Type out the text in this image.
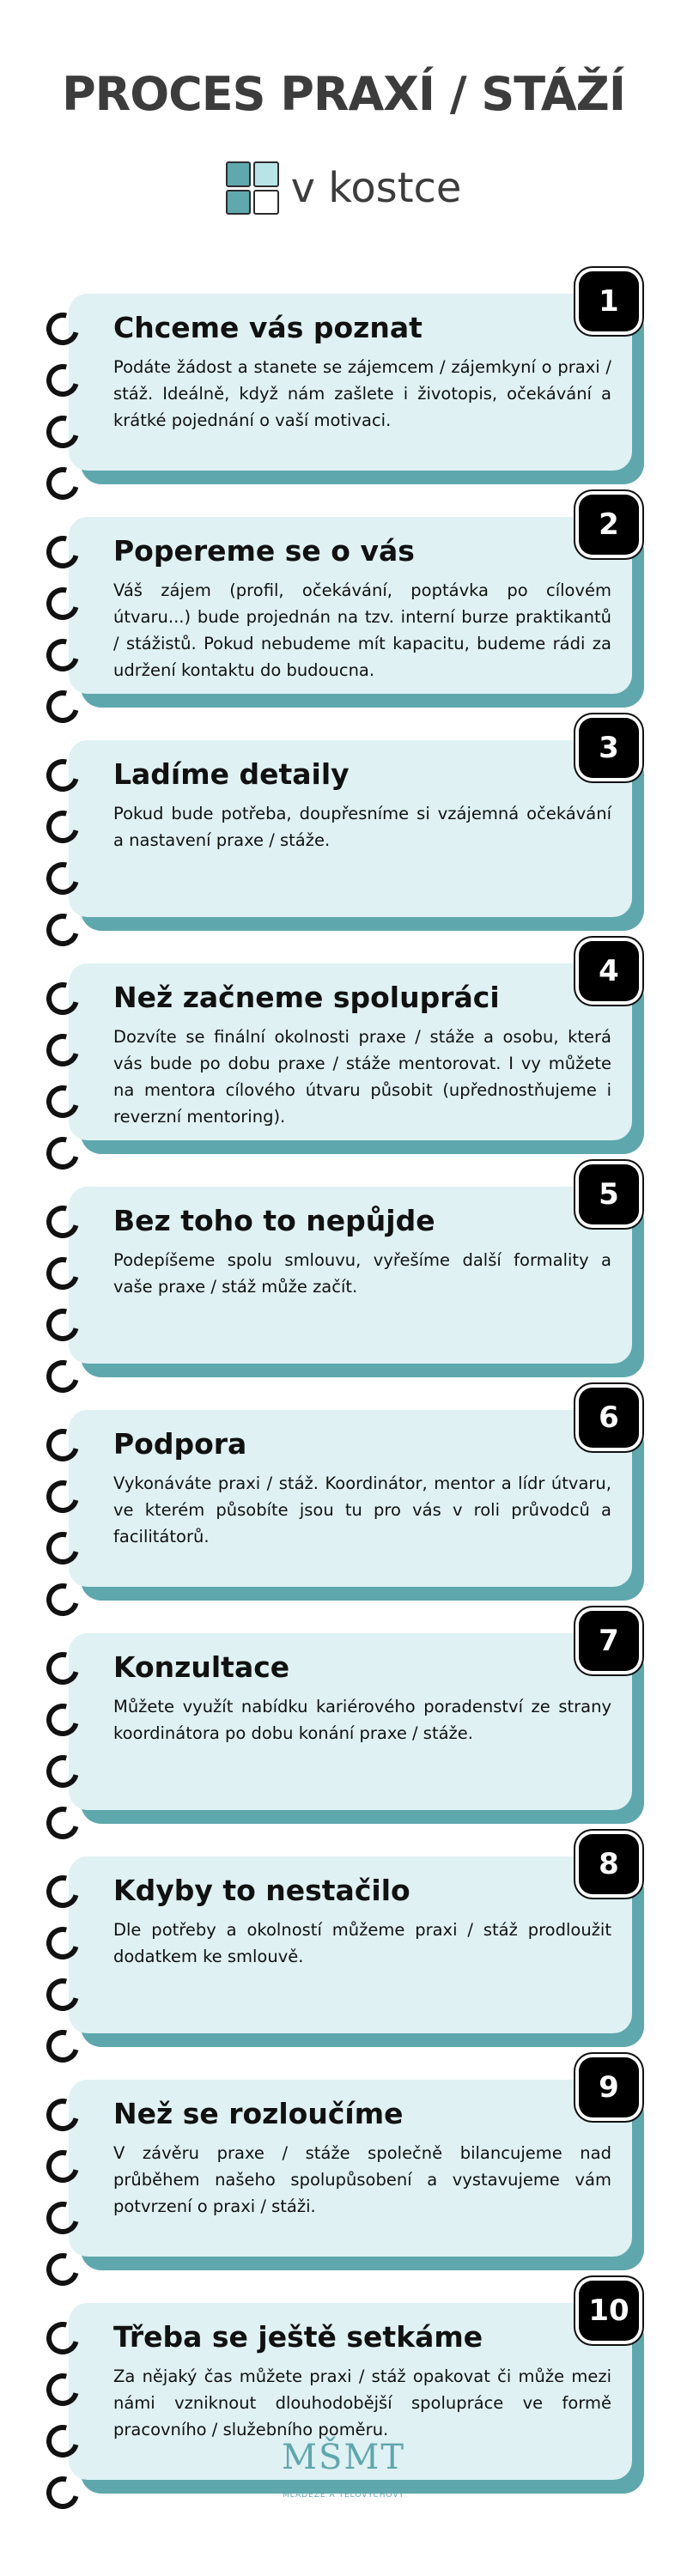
PROCES PRAXÍ / STÁŽÍ
v kostce
1
Chceme vás poznat

Podáte žádost a stanete se zájemcem / zájemkyní o praxi / stáž. Ideálně, když nám zašlete i životopis, očekávání a krátké pojednání o vaší motivaci.

2
Popereme se o vás

Váš zájem (profil, očekávání, poptávka po cílovém útvaru...) bude projednán na tzv. interní burze praktikantů / stážistů. Pokud nebudeme mít kapacitu, budeme rádi za udržení kontaktu do budoucna.

3
Ladíme detaily

Pokud bude potřeba, doupřesníme si vzájemná očekávání a nastavení praxe / stáže.

4
Než začneme spolupráci

Dozvíte se finální okolnosti praxe / stáže a osobu, která vás bude po dobu praxe / stáže mentorovat. I vy můžete na mentora cílového útvaru působit (upřednostňujeme i reverzní mentoring).

5
Bez toho to nepůjde

Podepíšeme spolu smlouvu, vyřešíme další formality a vaše praxe / stáž může začít.

6
Podpora

Vykonáváte praxi / stáž. Koordinátor, mentor a lídr útvaru, ve kterém působíte jsou tu pro vás v roli průvodců a facilitátorů.

7
Konzultace

Můžete využít nabídku kariérového poradenství ze strany koordinátora po dobu konání praxe / stáže.

8
Kdyby to nestačilo

Dle potřeby a okolností můžeme praxi / stáž prodloužit dodatkem ke smlouvě.

9
Než se rozloučíme

V závěru praxe / stáže společně bilancujeme nad průběhem našeho spolupůsobení a vystavujeme vám potvrzení o praxi / stáži.

10
Třeba se ještě setkáme

Za nějaký čas můžete praxi / stáž opakovat či může mezi námi vzniknout dlouhodobější spolupráce ve formě pracovního / služebního poměru.

MŠMT
MINISTERSTVO ŠKOLSTVÍ,
MLÁDEŽE A TĚLOVÝCHOVY
